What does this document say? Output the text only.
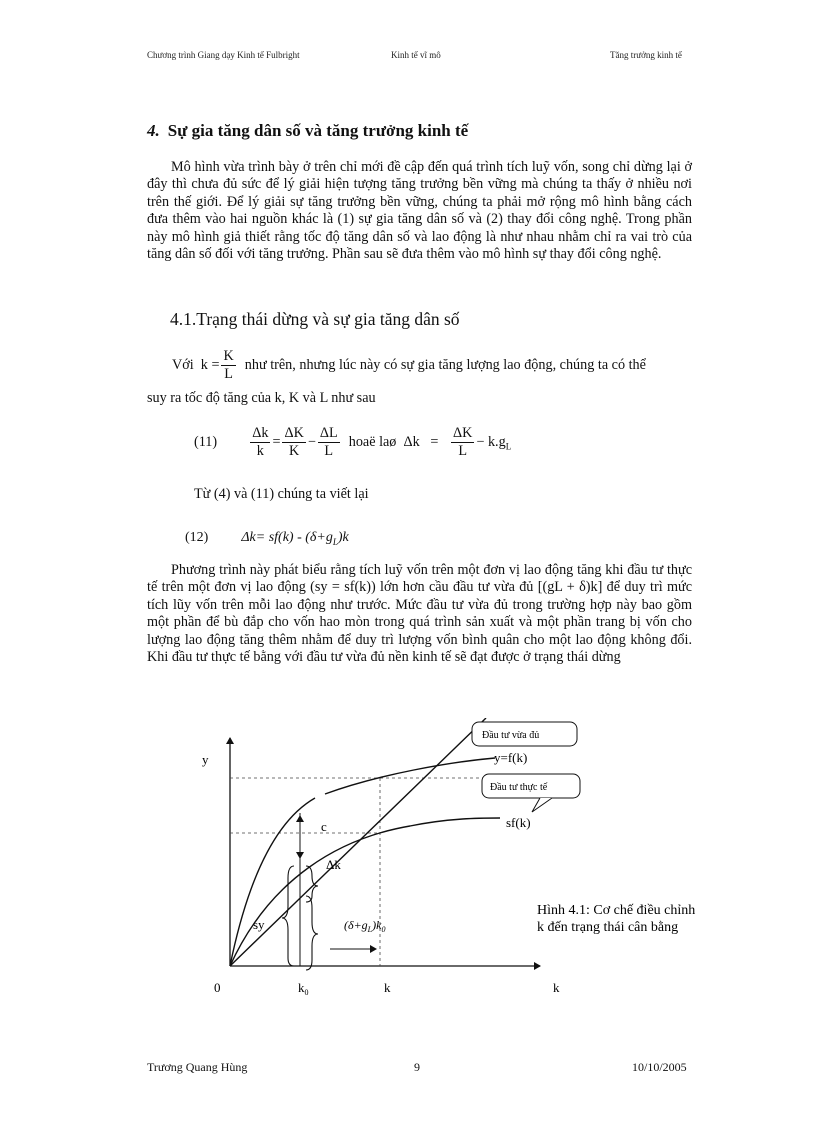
Chương trình Giang dạy Kinh tế Fulbright	Kinh tế vĩ mô	Tăng trưởng kinh tế
4. Sự gia tăng dân số và tăng trưởng kinh tế

Mô hình vừa trình bày ở trên chỉ mới đề cập đến quá trình tích luỹ vốn, song chỉ dừng lại ở đây thì chưa đủ sức để lý giải hiện tượng tăng trưởng bền vững mà chúng ta thấy ở nhiều nơi trên thế giới. Để lý giải sự tăng trưởng bền vững, chúng ta phải mở rộng mô hình bằng cách đưa thêm vào hai nguồn khác là (1) sự gia tăng dân số và (2) thay đổi công nghệ. Trong phần này mô hình giả thiết rằng tốc độ tăng dân số và lao động là như nhau nhằm chỉ ra vai trò của tăng dân số đối với tăng trưởng. Phần sau sẽ đưa thêm vào mô hình sự thay đổi công nghệ.

4.1.Trạng thái dừng và sự gia tăng dân số
Với $k = \frac{K}{L}$ như trên, nhưng lúc này có sự gia tăng lượng lao động, chúng ta có thể
suy ra tốc độ tăng của k, K và L như sau
$(11) \frac{\Delta k}{k} = \frac{\Delta K}{K} - \frac{\Delta L}{L}$ hoaë laø $\Delta k = \frac{\Delta K}{L} - k.g_L$
Từ (4) và (11) chúng ta viết lại
(12) $\Delta k= sf(k) - (\delta+g_L)k$

Phương trình này phát biểu rằng tích luỹ vốn trên một đơn vị lao động tăng khi đầu tư thực tế trên một đơn vị lao động (sy = sf(k)) lớn hơn cầu đầu tư vừa đủ [(gL + δ)k] để duy trì mức tích lũy vốn trên mỗi lao động như trước. Mức đầu tư vừa đủ trong trường hợp này bao gồm một phần để bù đắp cho vốn hao mòn trong quá trình sản xuất và một phần trang bị vốn cho lượng lao động tăng thêm nhằm để duy trì lượng vốn bình quân cho một lao động không đổi. Khi đầu tư thực tế bằng với đầu tư vừa đủ nền kinh tế sẽ đạt được ở trạng thái dừng

Đầu tư vừa đủ
Đầu tư thực tế
y	y=f(k)
sf(k)
c
Δk
sy	$(\delta+g_L)k_0$
0	$k_0$	k	k
Hình 4.1: Cơ chế điều chỉnh
k đến trạng thái cân bằng
Trương Quang Hùng	9	10/10/2005
